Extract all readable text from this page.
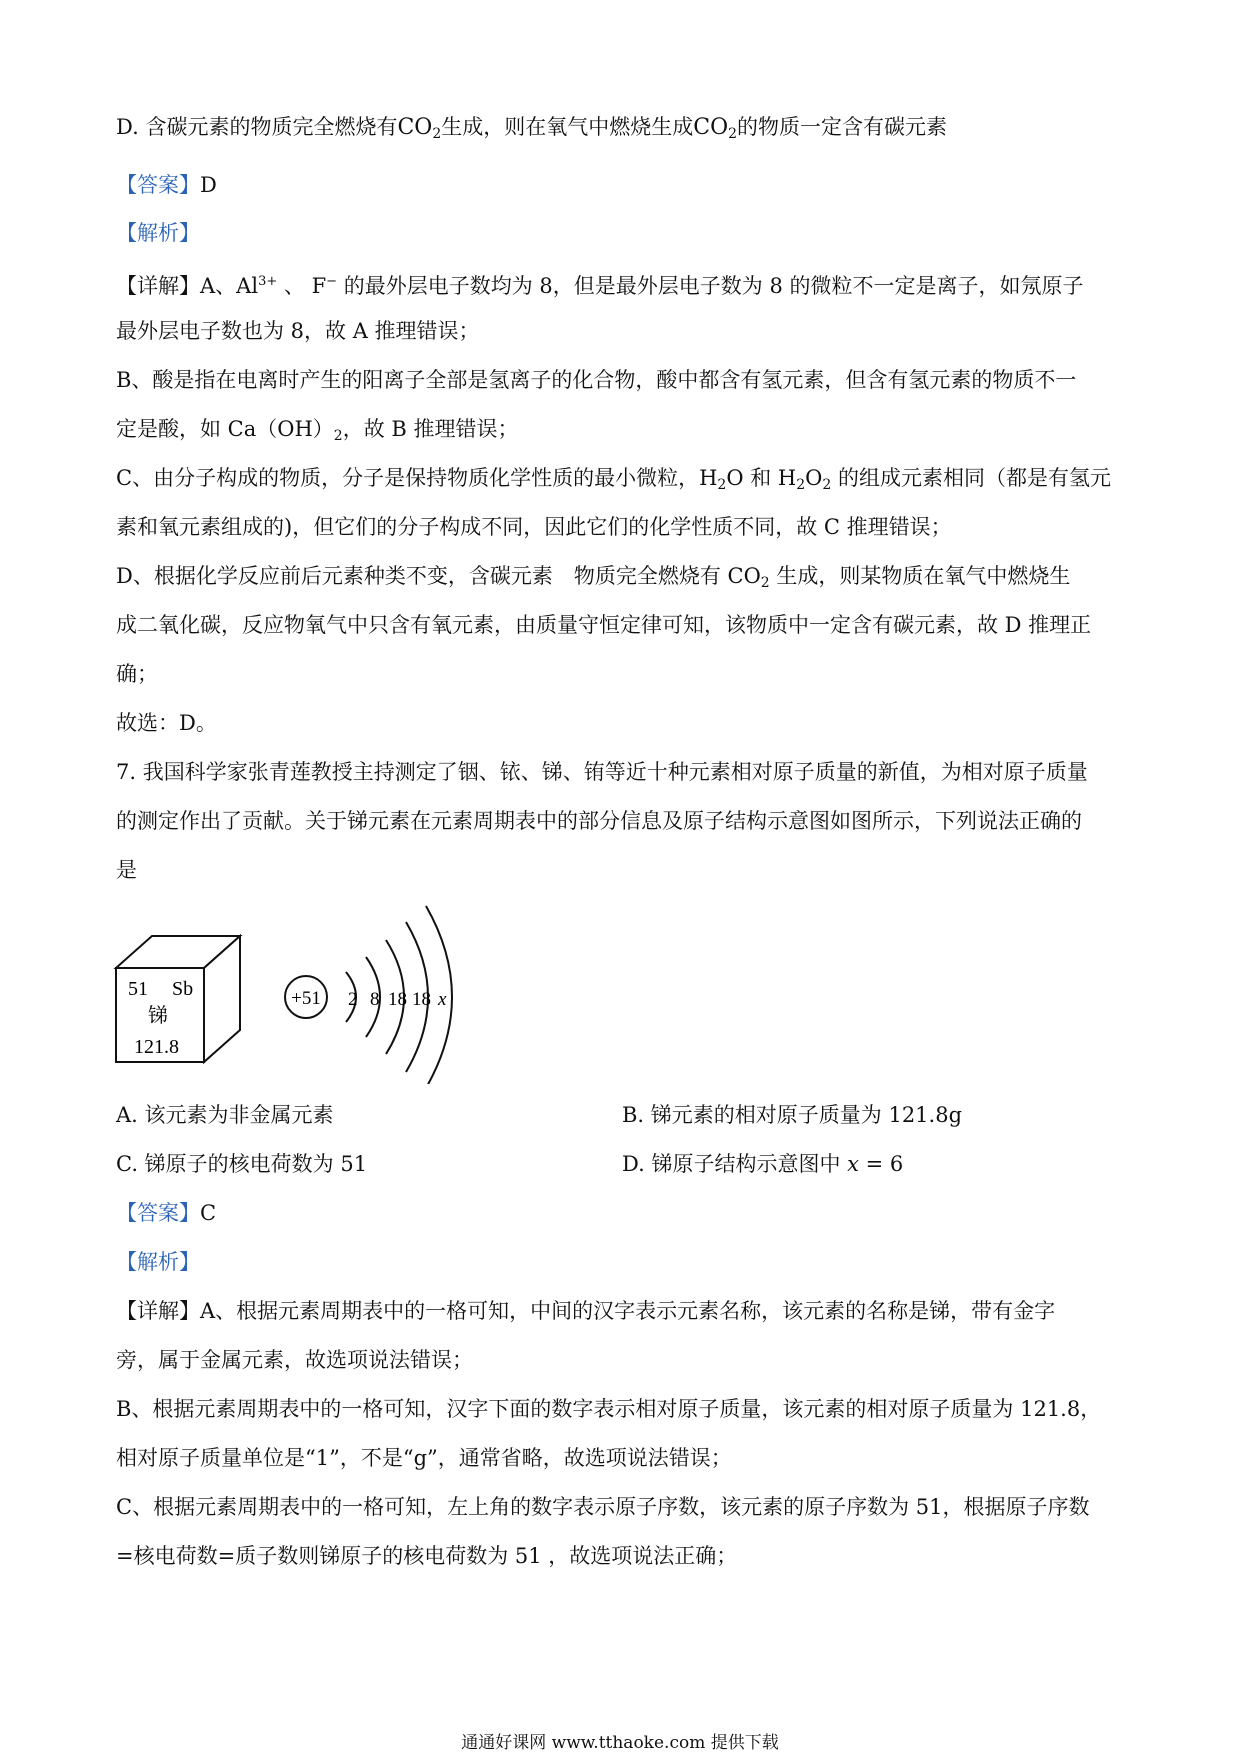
D. 含碳元素的物质完全燃烧有$CO_2$生成，则在氧气中燃烧生成$CO_2$的物质一定含有碳元素
【答案】D
【解析】
【详解】A、$Al^{3+}$ 、 F− 的最外层电子数均为 8，但是最外层电子数为 8 的微粒不一定是离子，如氖原子
最外层电子数也为 8，故 A 推理错误；
B、酸是指在电离时产生的阳离子全部是氢离子的化合物，酸中都含有氢元素，但含有氢元素的物质不一
定是酸，如 $Ca(OH)_2$，故 B 推理错误；
C、由分子构成的物质，分子是保持物质化学性质的最小微粒，$H_2O$ 和 $H_2O_2$ 的组成元素相同（都是有氢元
素和氧元素组成的)，但它们的分子构成不同，因此它们的化学性质不同，故 C 推理错误；
D、根据化学反应前后元素种类不变，含碳元素　物质完全燃烧有 $CO_2$ 生成，则某物质在氧气中燃烧生
成二氧化碳，反应物氧气中只含有氧元素，由质量守恒定律可知，该物质中一定含有碳元素，故 D 推理正
确；
故选：D。
7. 我国科学家张青莲教授主持测定了铟、铱、锑、铕等近十种元素相对原子质量的新值，为相对原子质量
的测定作出了贡献。关于锑元素在元素周期表中的部分信息及原子结构示意图如图所示，下列说法正确的
是
51 Sb
锑
121.8
+51 2 8 18 18 x
A. 该元素为非金属元素	B. 锑元素的相对原子质量为 121.8g
C. 锑原子的核电荷数为 51	D. 锑原子结构示意图中 x = 6
【答案】C
【解析】
【详解】A、根据元素周期表中的一格可知，中间的汉字表示元素名称，该元素的名称是锑，带有金字
旁，属于金属元素，故选项说法错误；
B、根据元素周期表中的一格可知，汉字下面的数字表示相对原子质量，该元素的相对原子质量为 121.8，
相对原子质量单位是“1”，不是“g”，通常省略，故选项说法错误；
C、根据元素周期表中的一格可知，左上角的数字表示原子序数，该元素的原子序数为 51，根据原子序数
=核电荷数=质子数则锑原子的核电荷数为 51 ，故选项说法正确；
通通好课网 www.tthaoke.com 提供下载
